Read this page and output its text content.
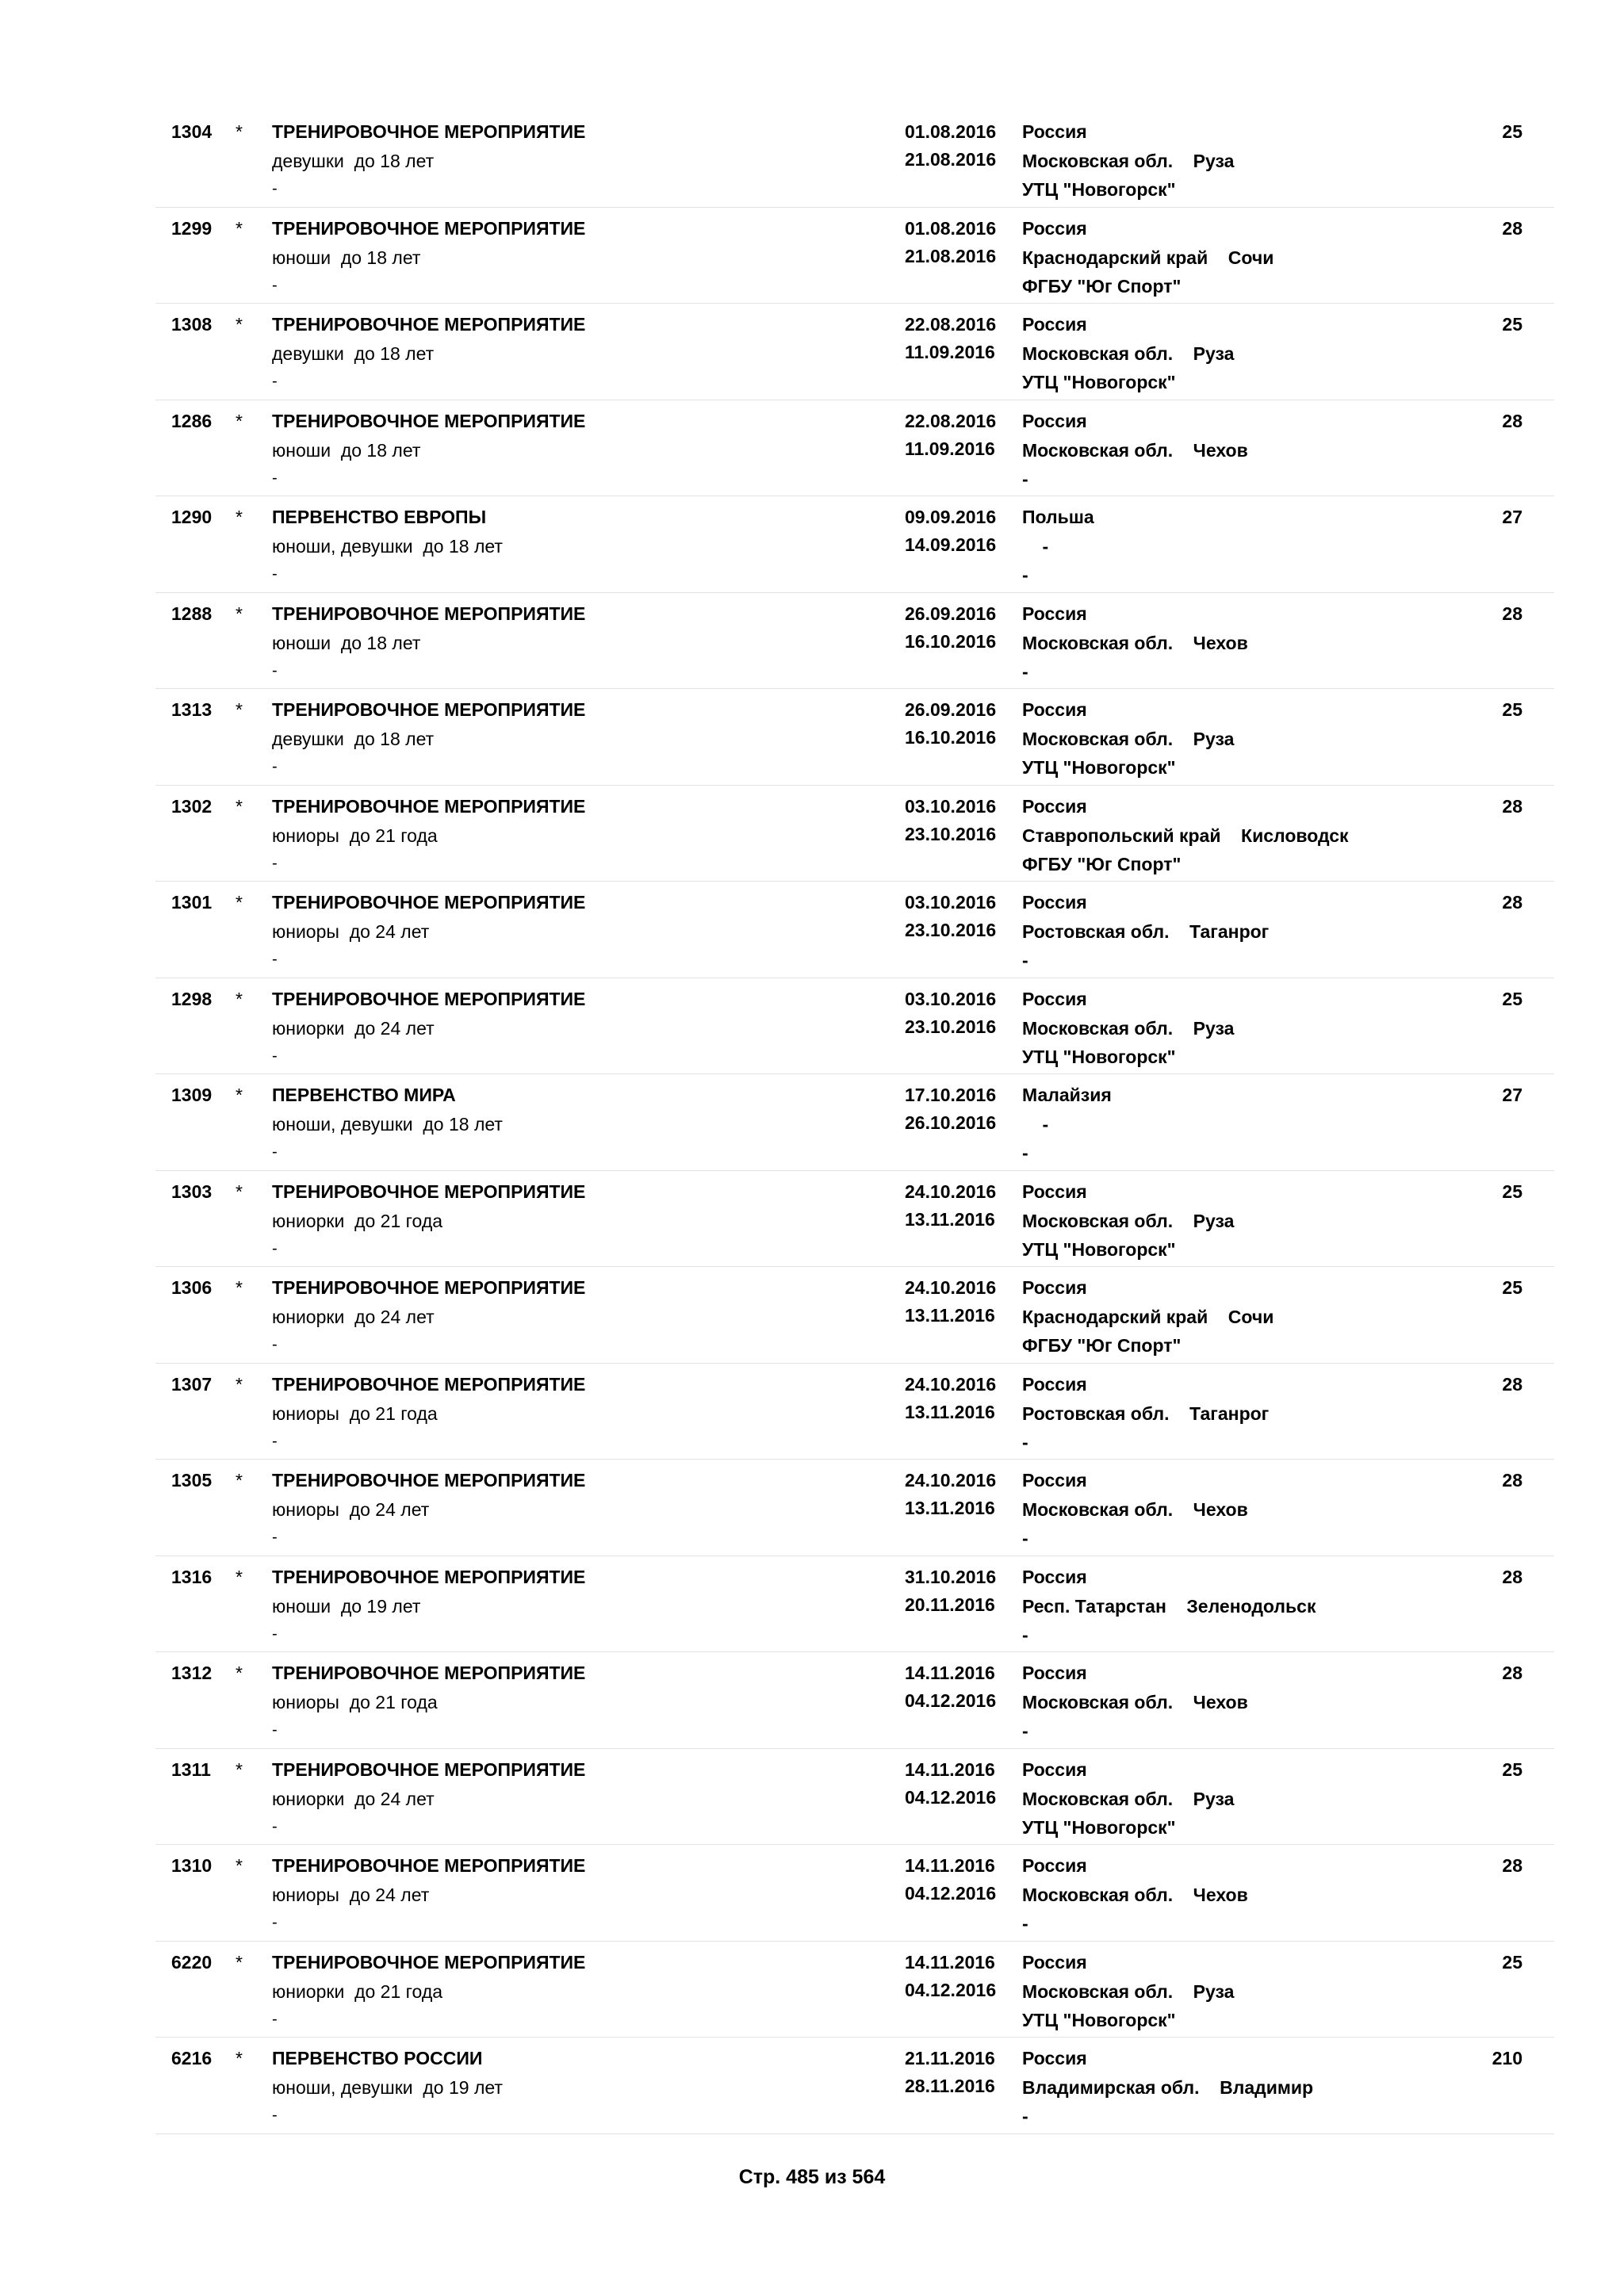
1304 * ТРЕНИРОВОЧНОЕ МЕРОПРИЯТИЕ
девушки  до 18 лет
-
01.08.2016
21.08.2016
Россия
Московская обл.    Руза
УТЦ "Новогорск"
25
1299 * ТРЕНИРОВОЧНОЕ МЕРОПРИЯТИЕ
юноши  до 18 лет
-
01.08.2016
21.08.2016
Россия
Краснодарский край    Сочи
ФГБУ "Юг Спорт"
28
1308 * ТРЕНИРОВОЧНОЕ МЕРОПРИЯТИЕ
девушки  до 18 лет
-
22.08.2016
11.09.2016
Россия
Московская обл.    Руза
УТЦ "Новогорск"
25
1286 * ТРЕНИРОВОЧНОЕ МЕРОПРИЯТИЕ
юноши  до 18 лет
-
22.08.2016
11.09.2016
Россия
Московская обл.    Чехов
-
28
1290 * ПЕРВЕНСТВО ЕВРОПЫ
юноши, девушки  до 18 лет
-
09.09.2016
14.09.2016
Польша
-
-
27
1288 * ТРЕНИРОВОЧНОЕ МЕРОПРИЯТИЕ
юноши  до 18 лет
-
26.09.2016
16.10.2016
Россия
Московская обл.    Чехов
-
28
1313 * ТРЕНИРОВОЧНОЕ МЕРОПРИЯТИЕ
девушки  до 18 лет
-
26.09.2016
16.10.2016
Россия
Московская обл.    Руза
УТЦ "Новогорск"
25
1302 * ТРЕНИРОВОЧНОЕ МЕРОПРИЯТИЕ
юниоры  до 21 года
-
03.10.2016
23.10.2016
Россия
Ставропольский край    Кисловодск
ФГБУ "Юг Спорт"
28
1301 * ТРЕНИРОВОЧНОЕ МЕРОПРИЯТИЕ
юниоры  до 24 лет
-
03.10.2016
23.10.2016
Россия
Ростовская обл.    Таганрог
-
28
1298 * ТРЕНИРОВОЧНОЕ МЕРОПРИЯТИЕ
юниорки  до 24 лет
-
03.10.2016
23.10.2016
Россия
Московская обл.    Руза
УТЦ "Новогорск"
25
1309 * ПЕРВЕНСТВО МИРА
юноши, девушки  до 18 лет
-
17.10.2016
26.10.2016
Малайзия
-
-
27
1303 * ТРЕНИРОВОЧНОЕ МЕРОПРИЯТИЕ
юниорки  до 21 года
-
24.10.2016
13.11.2016
Россия
Московская обл.    Руза
УТЦ "Новогорск"
25
1306 * ТРЕНИРОВОЧНОЕ МЕРОПРИЯТИЕ
юниорки  до 24 лет
-
24.10.2016
13.11.2016
Россия
Краснодарский край    Сочи
ФГБУ "Юг Спорт"
25
1307 * ТРЕНИРОВОЧНОЕ МЕРОПРИЯТИЕ
юниоры  до 21 года
-
24.10.2016
13.11.2016
Россия
Ростовская обл.    Таганрог
-
28
1305 * ТРЕНИРОВОЧНОЕ МЕРОПРИЯТИЕ
юниоры  до 24 лет
-
24.10.2016
13.11.2016
Россия
Московская обл.    Чехов
-
28
1316 * ТРЕНИРОВОЧНОЕ МЕРОПРИЯТИЕ
юноши  до 19 лет
-
31.10.2016
20.11.2016
Россия
Респ. Татарстан    Зеленодольск
-
28
1312 * ТРЕНИРОВОЧНОЕ МЕРОПРИЯТИЕ
юниоры  до 21 года
-
14.11.2016
04.12.2016
Россия
Московская обл.    Чехов
-
28
1311 * ТРЕНИРОВОЧНОЕ МЕРОПРИЯТИЕ
юниорки  до 24 лет
-
14.11.2016
04.12.2016
Россия
Московская обл.    Руза
УТЦ "Новогорск"
25
1310 * ТРЕНИРОВОЧНОЕ МЕРОПРИЯТИЕ
юниоры  до 24 лет
-
14.11.2016
04.12.2016
Россия
Московская обл.    Чехов
-
28
6220 * ТРЕНИРОВОЧНОЕ МЕРОПРИЯТИЕ
юниорки  до 21 года
-
14.11.2016
04.12.2016
Россия
Московская обл.    Руза
УТЦ "Новогорск"
25
6216 * ПЕРВЕНСТВО РОССИИ
юноши, девушки  до 19 лет
-
21.11.2016
28.11.2016
Россия
Владимирская обл.    Владимир
-
210
Стр. 485 из 564
